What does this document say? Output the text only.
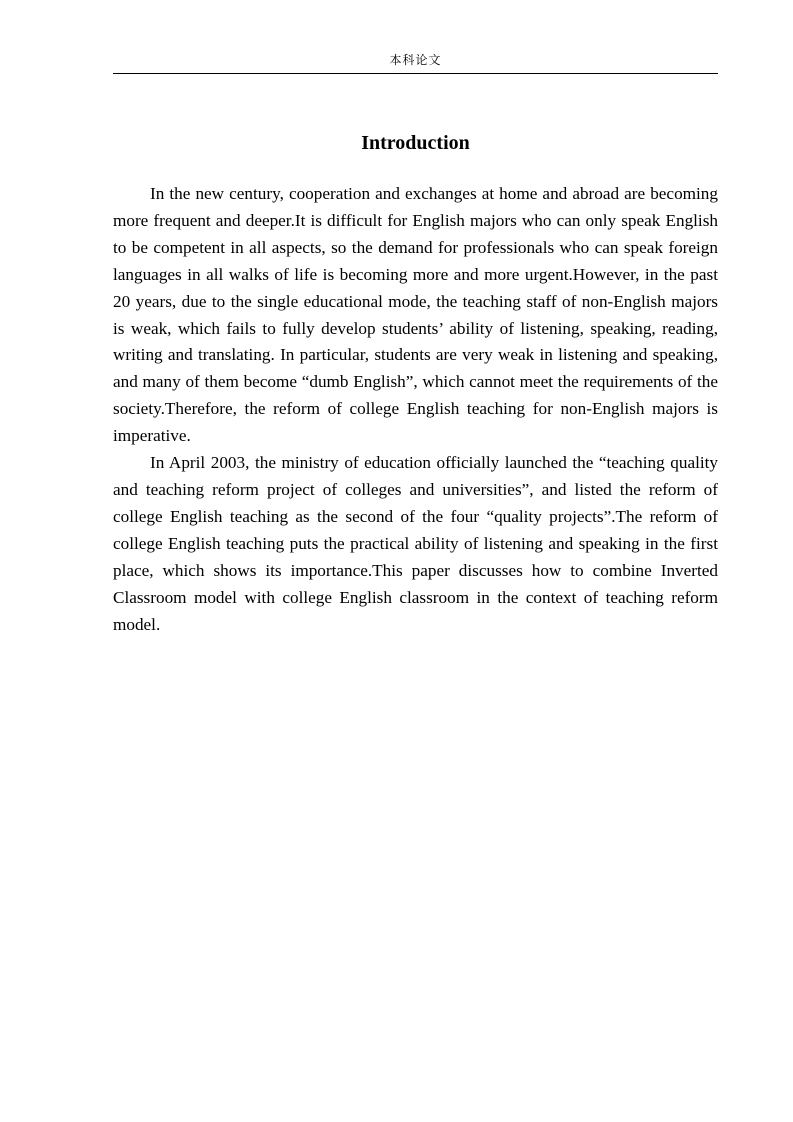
本科论文
Introduction

In the new century, cooperation and exchanges at home and abroad are becoming more frequent and deeper.It is difficult for English majors who can only speak English to be competent in all aspects, so the demand for professionals who can speak foreign languages in all walks of life is becoming more and more urgent.However, in the past 20 years, due to the single educational mode, the teaching staff of non-English majors is weak, which fails to fully develop students’ ability of listening, speaking, reading, writing and translating. In particular, students are very weak in listening and speaking, and many of them become “dumb English”, which cannot meet the requirements of the society.Therefore, the reform of college English teaching for non-English majors is imperative.

In April 2003, the ministry of education officially launched the “teaching quality and teaching reform project of colleges and universities”, and listed the reform of college English teaching as the second of the four “quality projects”.The reform of college English teaching puts the practical ability of listening and speaking in the first place, which shows its importance.This paper discusses how to combine Inverted Classroom model with college English classroom in the context of teaching reform model.
